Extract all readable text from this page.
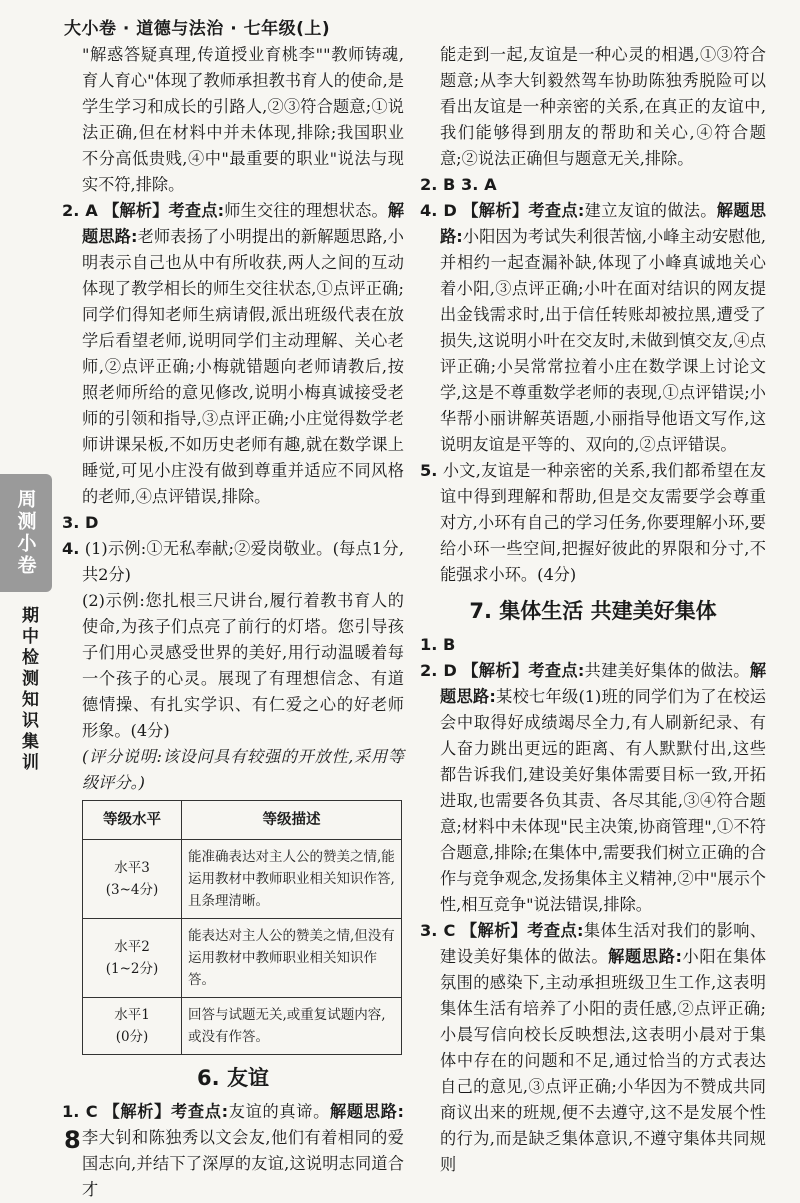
大小卷 · 道德与法治 · 七年级(上)
周测小卷
期中检测
知识集训

"解惑答疑真理,传道授业育桃李""教师铸魂,育人育心"体现了教师承担教书育人的使命,是学生学习和成长的引路人,②③符合题意;①说法正确,但在材料中并未体现,排除;我国职业不分高低贵贱,④中"最重要的职业"说法与现实不符,排除。

2. A 【解析】考查点:师生交往的理想状态。解题思路:老师表扬了小明提出的新解题思路,小明表示自己也从中有所收获,两人之间的互动体现了教学相长的师生交往状态,①点评正确;同学们得知老师生病请假,派出班级代表在放学后看望老师,说明同学们主动理解、关心老师,②点评正确;小梅就错题向老师请教后,按照老师所给的意见修改,说明小梅真诚接受老师的引领和指导,③点评正确;小庄觉得数学老师讲课呆板,不如历史老师有趣,就在数学课上睡觉,可见小庄没有做到尊重并适应不同风格的老师,④点评错误,排除。

3. D

4. (1)示例:①无私奉献;②爱岗敬业。(每点1分,共2分)

(2)示例:您扎根三尺讲台,履行着教书育人的使命,为孩子们点亮了前行的灯塔。您引导孩子们用心灵感受世界的美好,用行动温暖着每一个孩子的心灵。展现了有理想信念、有道德情操、有扎实学识、有仁爱之心的好老师形象。(4分)

(评分说明:该设问具有较强的开放性,采用等级评分。)

等级水平	等级描述
水平3
(3~4分)	能准确表达对主人公的赞美之情,能运用教材中教师职业相关知识作答,且条理清晰。
水平2
(1~2分)	能表达对主人公的赞美之情,但没有运用教材中教师职业相关知识作答。
水平1
(0分)	回答与试题无关,或重复试题内容,或没有作答。
6. 友谊

1. C 【解析】考查点:友谊的真谛。解题思路:李大钊和陈独秀以文会友,他们有着相同的爱国志向,并结下了深厚的友谊,这说明志同道合才

能走到一起,友谊是一种心灵的相遇,①③符合题意;从李大钊毅然驾车协助陈独秀脱险可以看出友谊是一种亲密的关系,在真正的友谊中,我们能够得到朋友的帮助和关心,④符合题意;②说法正确但与题意无关,排除。

2. B 3. A

4. D 【解析】考查点:建立友谊的做法。解题思路:小阳因为考试失利很苦恼,小峰主动安慰他,并相约一起查漏补缺,体现了小峰真诚地关心着小阳,③点评正确;小叶在面对结识的网友提出金钱需求时,出于信任转账却被拉黑,遭受了损失,这说明小叶在交友时,未做到慎交友,④点评正确;小吴常常拉着小庄在数学课上讨论文学,这是不尊重数学老师的表现,①点评错误;小华帮小丽讲解英语题,小丽指导他语文写作,这说明友谊是平等的、双向的,②点评错误。

5. 小文,友谊是一种亲密的关系,我们都希望在友谊中得到理解和帮助,但是交友需要学会尊重对方,小环有自己的学习任务,你要理解小环,要给小环一些空间,把握好彼此的界限和分寸,不能强求小环。(4分)

7. 集体生活 共建美好集体

1. B

2. D 【解析】考查点:共建美好集体的做法。解题思路:某校七年级(1)班的同学们为了在校运会中取得好成绩竭尽全力,有人刷新纪录、有人奋力跳出更远的距离、有人默默付出,这些都告诉我们,建设美好集体需要目标一致,开拓进取,也需要各负其责、各尽其能,③④符合题意;材料中未体现"民主决策,协商管理",①不符合题意,排除;在集体中,需要我们树立正确的合作与竞争观念,发扬集体主义精神,②中"展示个性,相互竞争"说法错误,排除。

3. C 【解析】考查点:集体生活对我们的影响、建设美好集体的做法。解题思路:小阳在集体氛围的感染下,主动承担班级卫生工作,这表明集体生活有培养了小阳的责任感,②点评正确;小晨写信向校长反映想法,这表明小晨对于集体中存在的问题和不足,通过恰当的方式表达自己的意见,③点评正确;小华因为不赞成共同商议出来的班规,便不去遵守,这不是发展个性的行为,而是缺乏集体意识,不遵守集体共同规则

8
